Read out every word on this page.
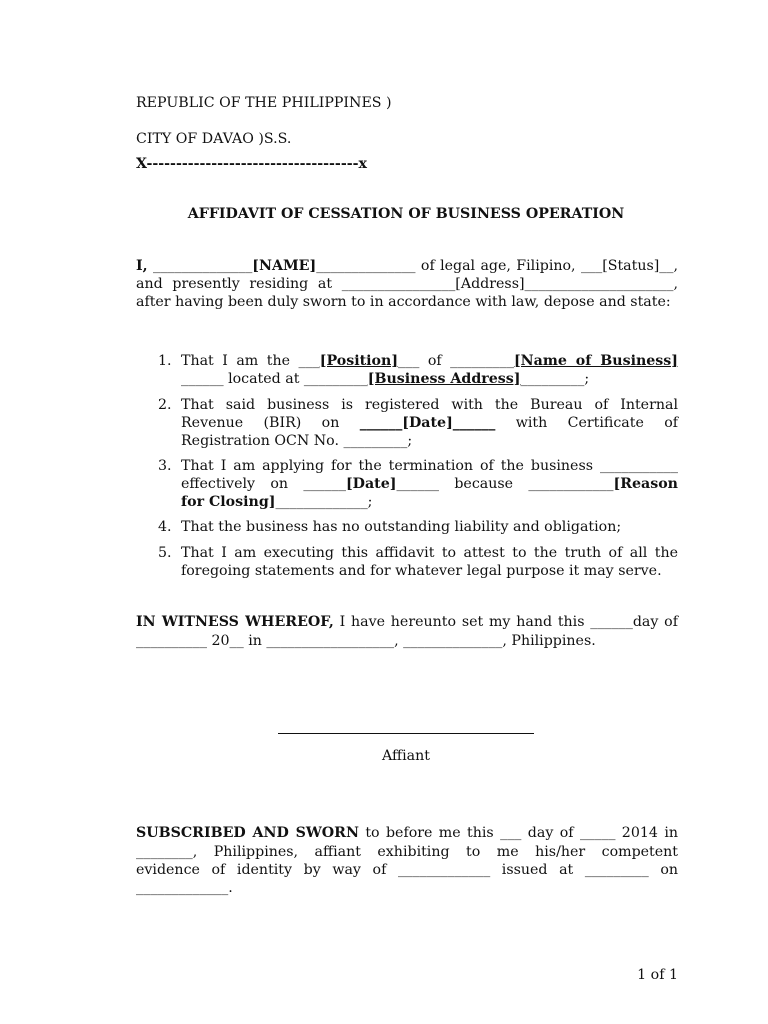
REPUBLIC OF THE PHILIPPINES )
CITY OF DAVAO )S.S.
X------------------------------------x
AFFIDAVIT OF CESSATION OF BUSINESS OPERATION
I, ______________[NAME]______________ of legal age, Filipino, ___[Status]__,
and presently residing at ________________[Address]_____________________,
after having been duly sworn to in accordance with law, depose and state:
1. That I am the ___[Position]___ of _________[Name of Business]
______ located at _________[Business Address]_________;
2. That said business is registered with the Bureau of Internal
Revenue (BIR) on ______[Date]______ with Certificate of
Registration OCN No. _________;
3. That I am applying for the termination of the business ___________
effectively on ______[Date]______ because ____________[Reason
for Closing]_____________;
4. That the business has no outstanding liability and obligation;
5. That I am executing this affidavit to attest to the truth of all the
foregoing statements and for whatever legal purpose it may serve.
IN WITNESS WHEREOF, I have hereunto set my hand this ______day of
__________ 20__ in __________________, ______________, Philippines.
Affiant
SUBSCRIBED AND SWORN to before me this ___ day of _____ 2014 in
________, Philippines, affiant exhibiting to me his/her competent
evidence of identity by way of _____________ issued at _________ on
_____________.
1 of 1
